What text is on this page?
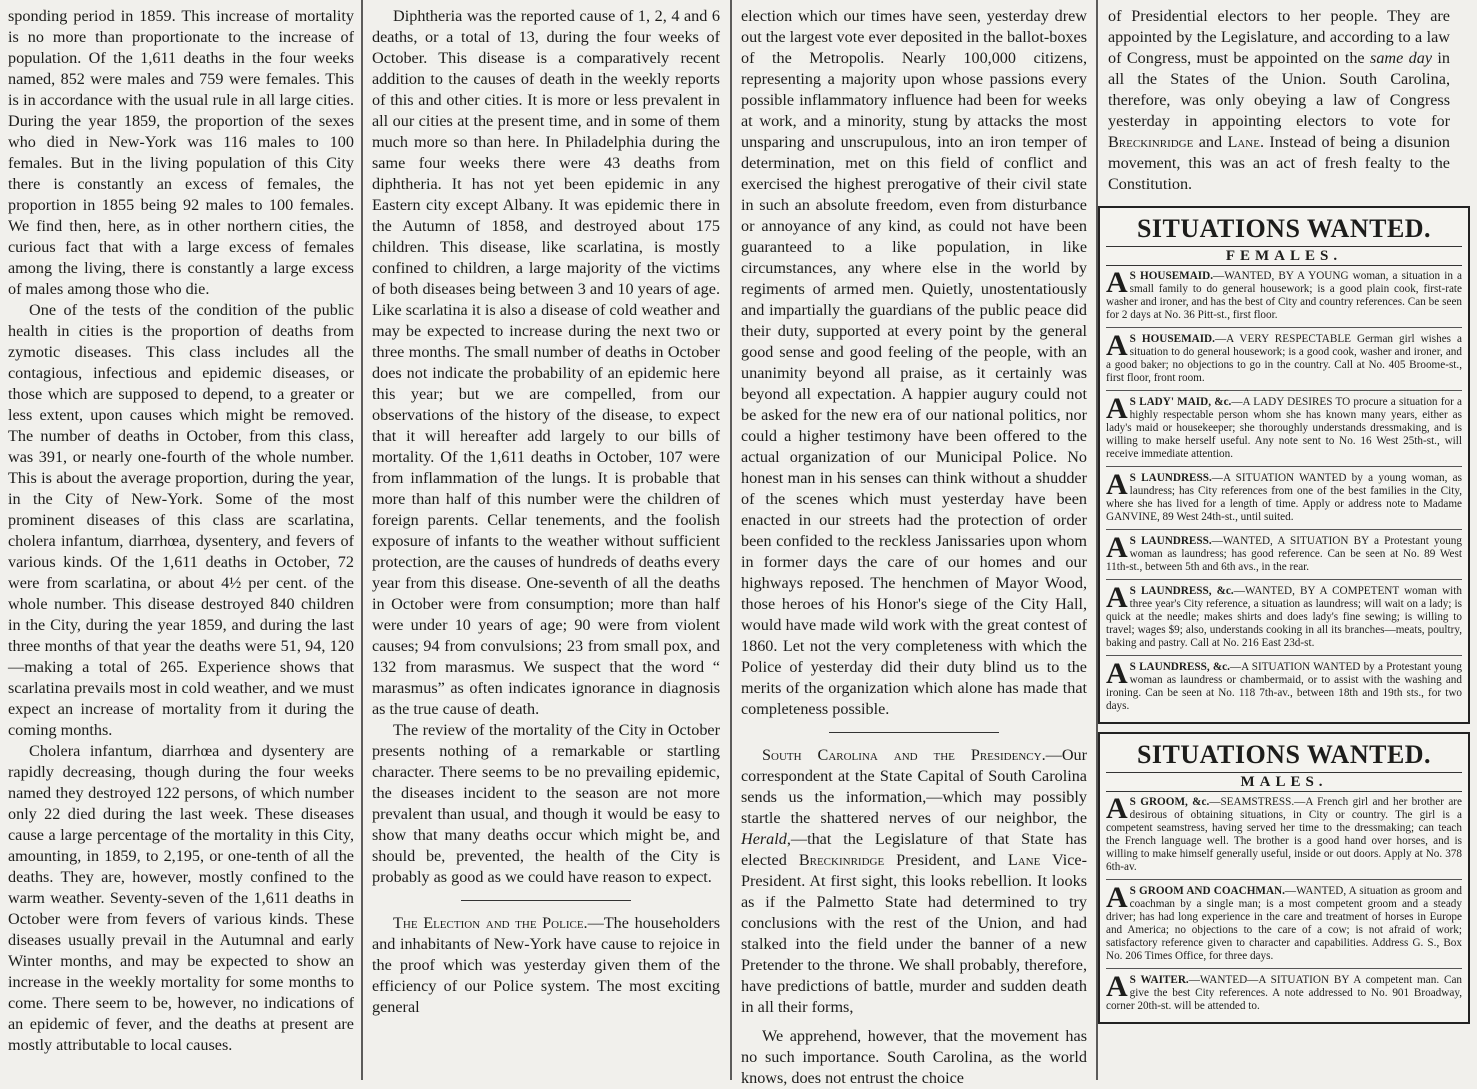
sponding period in 1859. This increase of mortality is no more than proportionate to the increase of population. Of the 1,611 deaths in the four weeks named, 852 were males and 759 were females. This is in accordance with the usual rule in all large cities. During the year 1859, the proportion of the sexes who died in New-York was 116 males to 100 females. But in the living population of this City there is constantly an excess of females, the proportion in 1855 being 92 males to 100 females. We find then, here, as in other northern cities, the curious fact that with a large excess of females among the living, there is constantly a large excess of males among those who die.

One of the tests of the condition of the public health in cities is the proportion of deaths from zymotic diseases. This class includes all the contagious, infectious and epidemic diseases, or those which are supposed to depend, to a greater or less extent, upon causes which might be removed. The number of deaths in October, from this class, was 391, or nearly one-fourth of the whole number. This is about the average proportion, during the year, in the City of New-York. Some of the most prominent diseases of this class are scarlatina, cholera infantum, diarrhœa, dysentery, and fevers of various kinds. Of the 1,611 deaths in October, 72 were from scarlatina, or about 4½ per cent. of the whole number. This disease destroyed 840 children in the City, during the year 1859, and during the last three months of that year the deaths were 51, 94, 120—making a total of 265. Experience shows that scarlatina prevails most in cold weather, and we must expect an increase of mortality from it during the coming months.

Cholera infantum, diarrhœa and dysentery are rapidly decreasing, though during the four weeks named they destroyed 122 persons, of which number only 22 died during the last week. These diseases cause a large percentage of the mortality in this City, amounting, in 1859, to 2,195, or one-tenth of all the deaths. They are, however, mostly confined to the warm weather. Seventy-seven of the 1,611 deaths in October were from fevers of various kinds. These diseases usually prevail in the Autumnal and early Winter months, and may be expected to show an increase in the weekly mortality for some months to come. There seem to be, however, no indications of an epidemic of fever, and the deaths at present are mostly attributable to local causes.

Diphtheria was the reported cause of 1, 2, 4 and 6 deaths, or a total of 13, during the four weeks of October. This disease is a comparatively recent addition to the causes of death in the weekly reports of this and other cities. It is more or less prevalent in all our cities at the present time, and in some of them much more so than here. In Philadelphia during the same four weeks there were 43 deaths from diphtheria. It has not yet been epidemic in any Eastern city except Albany. It was epidemic there in the Autumn of 1858, and destroyed about 175 children. This disease, like scarlatina, is mostly confined to children, a large majority of the victims of both diseases being between 3 and 10 years of age. Like scarlatina it is also a disease of cold weather and may be expected to increase during the next two or three months. The small number of deaths in October does not indicate the probability of an epidemic here this year; but we are compelled, from our observations of the history of the disease, to expect that it will hereafter add largely to our bills of mortality. Of the 1,611 deaths in October, 107 were from inflammation of the lungs. It is probable that more than half of this number were the children of foreign parents. Cellar tenements, and the foolish exposure of infants to the weather without sufficient protection, are the causes of hundreds of deaths every year from this disease. One-seventh of all the deaths in October were from consumption; more than half were under 10 years of age; 90 were from violent causes; 94 from convulsions; 23 from small pox, and 132 from marasmus. We suspect that the word “ marasmus” as often indicates ignorance in diagnosis as the true cause of death.

The review of the mortality of the City in October presents nothing of a remarkable or startling character. There seems to be no prevailing epidemic, the diseases incident to the season are not more prevalent than usual, and though it would be easy to show that many deaths occur which might be, and should be, prevented, the health of the City is probably as good as we could have reason to expect.

The Election and the Police.—The householders and inhabitants of New-York have cause to rejoice in the proof which was yesterday given them of the efficiency of our Police system. The most exciting general

election which our times have seen, yesterday drew out the largest vote ever deposited in the ballot-boxes of the Metropolis. Nearly 100,000 citizens, representing a majority upon whose passions every possible inflammatory influence had been for weeks at work, and a minority, stung by attacks the most unsparing and unscrupulous, into an iron temper of determination, met on this field of conflict and exercised the highest prerogative of their civil state in such an absolute freedom, even from disturbance or annoyance of any kind, as could not have been guaranteed to a like population, in like circumstances, any where else in the world by regiments of armed men. Quietly, unostentatiously and impartially the guardians of the public peace did their duty, supported at every point by the general good sense and good feeling of the people, with an unanimity beyond all praise, as it certainly was beyond all expectation. A happier augury could not be asked for the new era of our national politics, nor could a higher testimony have been offered to the actual organization of our Municipal Police. No honest man in his senses can think without a shudder of the scenes which must yesterday have been enacted in our streets had the protection of order been confided to the reckless Janissaries upon whom in former days the care of our homes and our highways reposed. The henchmen of Mayor Wood, those heroes of his Honor's siege of the City Hall, would have made wild work with the great contest of 1860. Let not the very completeness with which the Police of yesterday did their duty blind us to the merits of the organization which alone has made that completeness possible.

South Carolina and the Presidency.—Our correspondent at the State Capital of South Carolina sends us the information,—which may possibly startle the shattered nerves of our neighbor, the Herald,—that the Legislature of that State has elected Breckinridge President, and Lane Vice-President. At first sight, this looks rebellion. It looks as if the Palmetto State had determined to try conclusions with the rest of the Union, and had stalked into the field under the banner of a new Pretender to the throne. We shall probably, therefore, have predictions of battle, murder and sudden death in all their forms,

We apprehend, however, that the movement has no such importance. South Carolina, as the world knows, does not entrust the choice

of Presidential electors to her people. They are appointed by the Legislature, and according to a law of Congress, must be appointed on the same day in all the States of the Union. South Carolina, therefore, was only obeying a law of Congress yesterday in appointing electors to vote for Breckinridge and Lane. Instead of being a disunion movement, this was an act of fresh fealty to the Constitution.

SITUATIONS WANTED.
FEMALES.
A S HOUSEMAID.—WANTED, BY A YOUNG woman, a situation in a small family to do general housework; is a good plain cook, first-rate washer and ironer, and has the best of City and country references. Can be seen for 2 days at No. 36 Pitt-st., first floor.
A S HOUSEMAID.—A VERY RESPECTABLE German girl wishes a situation to do general housework; is a good cook, washer and ironer, and a good baker; no objections to go in the country. Call at No. 405 Broome-st., first floor, front room.
A S LADY' MAID, &c.—A LADY DESIRES TO procure a situation for a highly respectable person whom she has known many years, either as lady's maid or housekeeper; she thoroughly understands dressmaking, and is willing to make herself useful. Any note sent to No. 16 West 25th-st., will receive immediate attention.
A S LAUNDRESS.—A SITUATION WANTED by a young woman, as laundress; has City references from one of the best families in the City, where she has lived for a length of time. Apply or address note to Madame GANVINE, 89 West 24th-st., until suited.
A S LAUNDRESS.—WANTED, A SITUATION BY a Protestant young woman as laundress; has good reference. Can be seen at No. 89 West 11th-st., between 5th and 6th avs., in the rear.
A S LAUNDRESS, &c.—WANTED, BY A COMPETENT woman with three year's City reference, a situation as laundress; will wait on a lady; is quick at the needle; makes shirts and does lady's fine sewing; is willing to travel; wages $9; also, understands cooking in all its branches—meats, poultry, baking and pastry. Call at No. 216 East 23d-st.
A S LAUNDRESS, &c.—A SITUATION WANTED by a Protestant young woman as laundress or chambermaid, or to assist with the washing and ironing. Can be seen at No. 118 7th-av., between 18th and 19th sts., for two days.
SITUATIONS WANTED.
MALES.
A S GROOM, &c.—SEAMSTRESS.—A French girl and her brother are desirous of obtaining situations, in City or country. The girl is a competent seamstress, having served her time to the dressmaking; can teach the French language well. The brother is a good hand over horses, and is willing to make himself generally useful, inside or out doors. Apply at No. 378 6th-av.
A S GROOM AND COACHMAN.—WANTED, A situation as groom and coachman by a single man; is a most competent groom and a steady driver; has had long experience in the care and treatment of horses in Europe and America; no objections to the care of a cow; is not afraid of work; satisfactory reference given to character and capabilities. Address G. S., Box No. 206 Times Office, for three days.
A S WAITER.—WANTED—A SITUATION BY A competent man. Can give the best City references. A note addressed to No. 901 Broadway, corner 20th-st. will be attended to.
